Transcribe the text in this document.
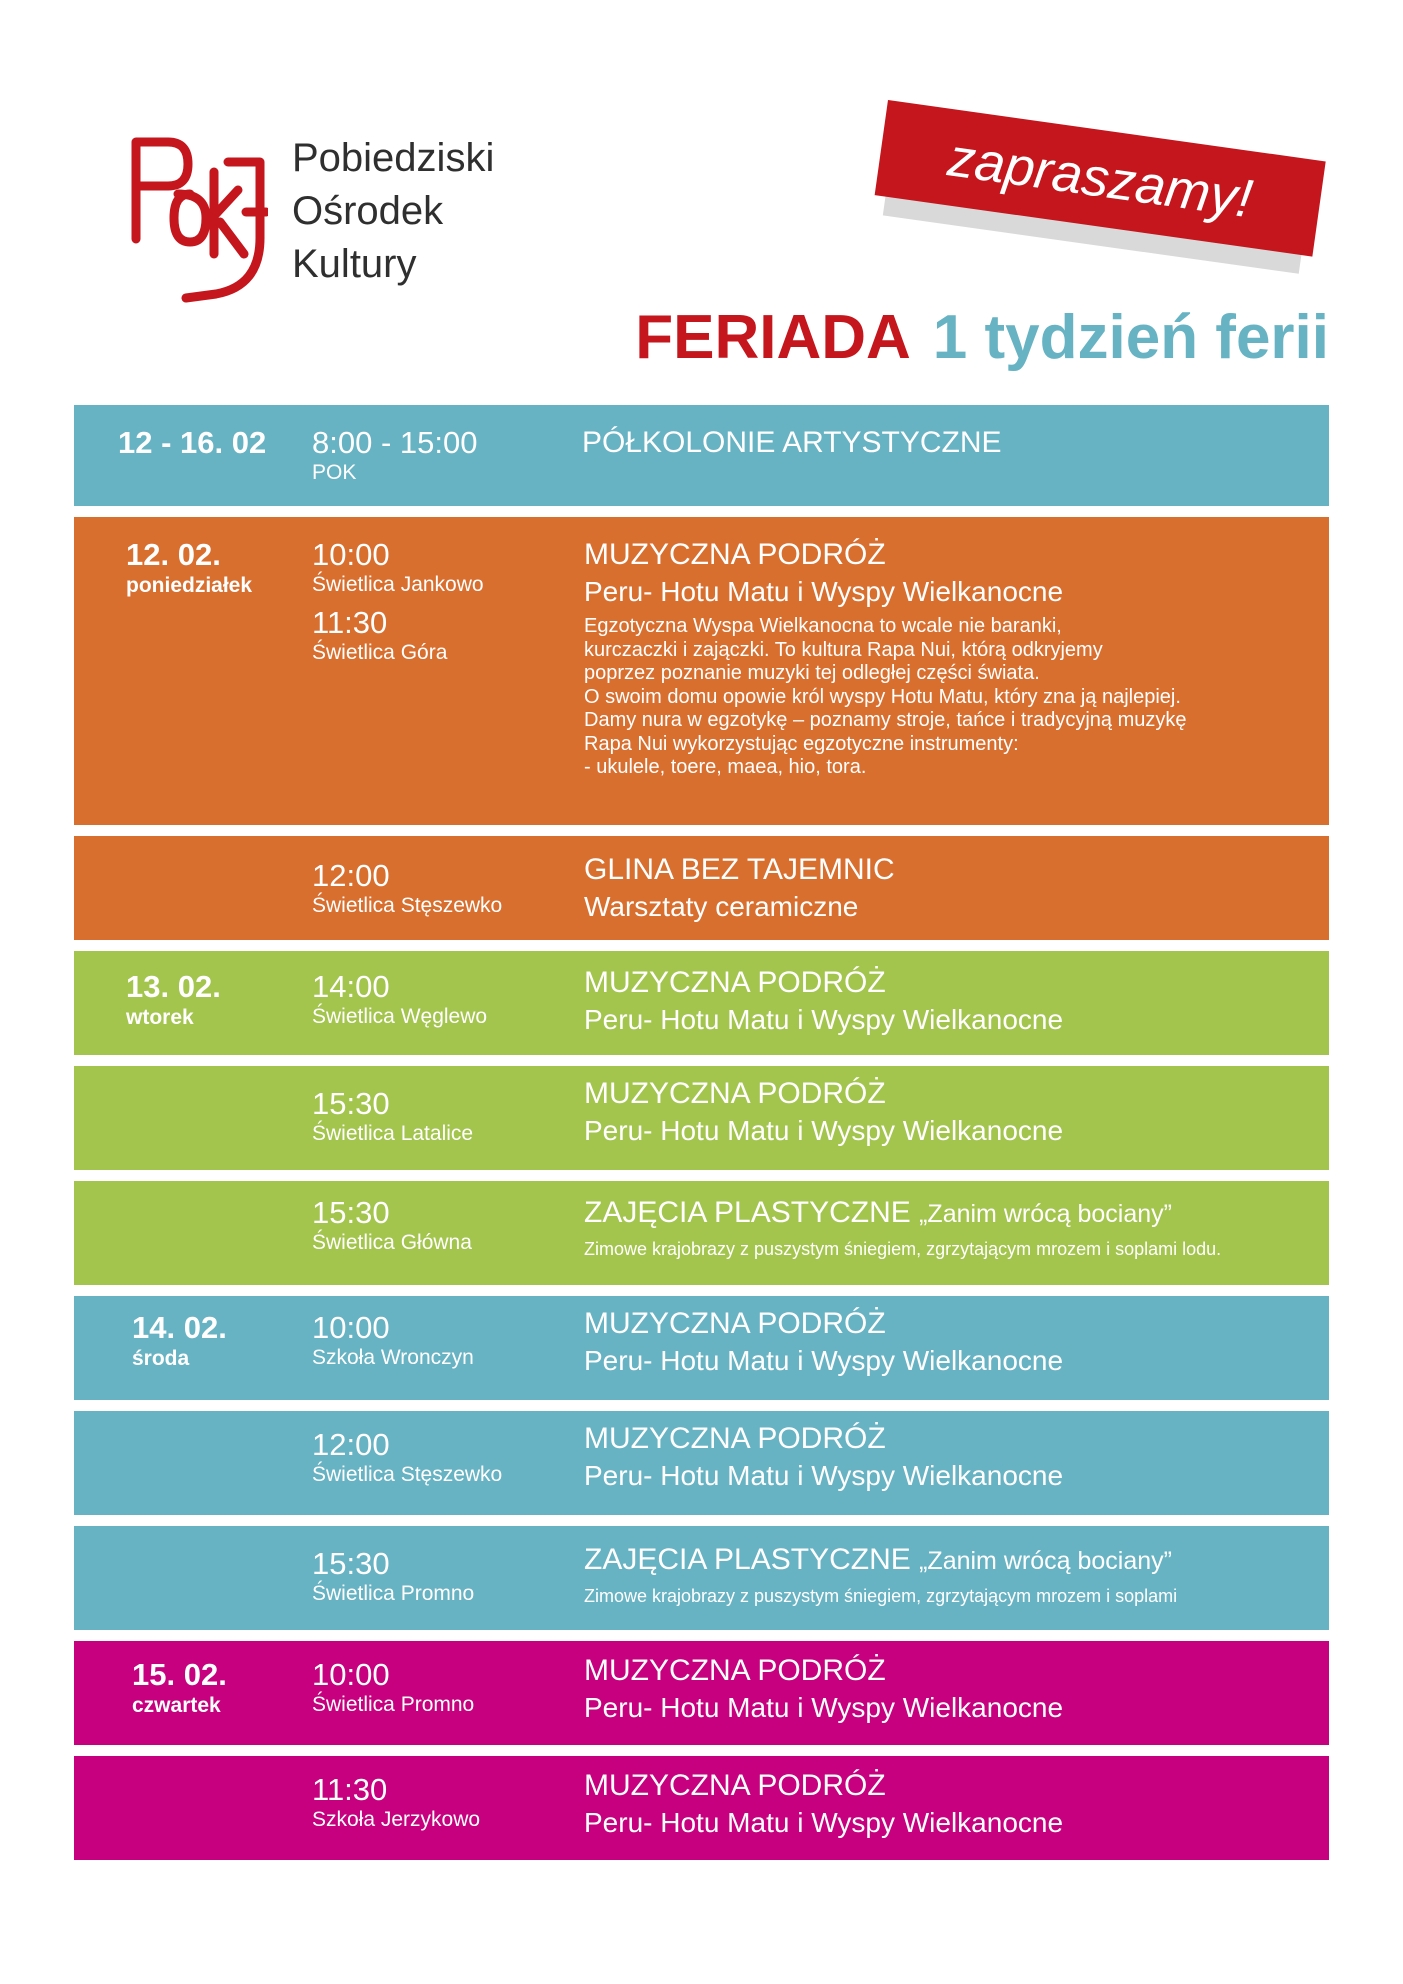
Pobiedziski
Ośrodek
Kultury
zapraszamy!
FERIADA 1 tydzień ferii
12 - 16. 02 8:00 - 15:00
POK
PÓŁKOLONIE ARTYSTYCZNE
12. 02.
poniedziałek
10:00
Świetlica Jankowo
11:30
Świetlica Góra
MUZYCZNA PODRÓŻ
Peru- Hotu Matu i Wyspy Wielkanocne
Egzotyczna Wyspa Wielkanocna to wcale nie baranki,
kurczaczki i zajączki. To kultura Rapa Nui, którą odkryjemy
poprzez poznanie muzyki tej odległej części świata.
O swoim domu opowie król wyspy Hotu Matu, który zna ją najlepiej.
Damy nura w egzotykę – poznamy stroje, tańce i tradycyjną muzykę
Rapa Nui wykorzystując egzotyczne instrumenty:
- ukulele, toere, maea, hio, tora.
12:00
Świetlica Stęszewko
GLINA BEZ TAJEMNIC
Warsztaty ceramiczne
13. 02.
wtorek
14:00
Świetlica Węglewo
MUZYCZNA PODRÓŻ
Peru- Hotu Matu i Wyspy Wielkanocne
15:30
Świetlica Latalice
MUZYCZNA PODRÓŻ
Peru- Hotu Matu i Wyspy Wielkanocne
15:30
Świetlica Główna
ZAJĘCIA PLASTYCZNE „Zanim wrócą bociany”
Zimowe krajobrazy z puszystym śniegiem, zgrzytającym mrozem i soplami lodu.
14. 02.
środa
10:00
Szkoła Wronczyn
MUZYCZNA PODRÓŻ
Peru- Hotu Matu i Wyspy Wielkanocne
12:00
Świetlica Stęszewko
MUZYCZNA PODRÓŻ
Peru- Hotu Matu i Wyspy Wielkanocne
15:30
Świetlica Promno
ZAJĘCIA PLASTYCZNE „Zanim wrócą bociany”
Zimowe krajobrazy z puszystym śniegiem, zgrzytającym mrozem i soplami
15. 02.
czwartek
10:00
Świetlica Promno
MUZYCZNA PODRÓŻ
Peru- Hotu Matu i Wyspy Wielkanocne
11:30
Szkoła Jerzykowo
MUZYCZNA PODRÓŻ
Peru- Hotu Matu i Wyspy Wielkanocne
